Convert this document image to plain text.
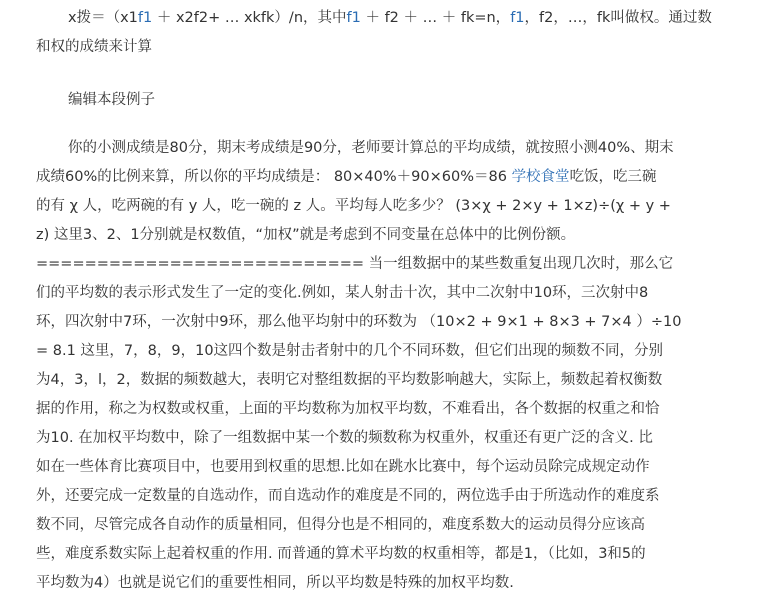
x拨＝（x1f1 ＋ x2f2+ … xkfk）/n，其中f1 ＋ f2 ＋ … ＋ fk=n，f1，f2，…，fk叫做权。通过数
和权的成绩来计算
编辑本段例子
你的小测成绩是80分，期末考成绩是90分，老师要计算总的平均成绩，就按照小测40%、期末
成绩60%的比例来算，所以你的平均成绩是： 80×40%＋90×60%＝86 学校食堂吃饭，吃三碗
的有 χ 人，吃两碗的有 y 人，吃一碗的 z 人。平均每人吃多少？ (3×χ + 2×y + 1×z)÷(χ + y +
z) 这里3、2、1分别就是权数值，“加权”就是考虑到不同变量在总体中的比例份额。
=========================== 当一组数据中的某些数重复出现几次时，那么它
们的平均数的表示形式发生了一定的变化.例如，某人射击十次，其中二次射中10环，三次射中8
环，四次射中7环，一次射中9环，那么他平均射中的环数为 （10×2 + 9×1 + 8×3 + 7×4 ）÷10
= 8.1 这里，7，8，9，10这四个数是射击者射中的几个不同环数，但它们出现的频数不同，分别
为4，3，l，2，数据的频数越大，表明它对整组数据的平均数影响越大，实际上，频数起着权衡数
据的作用，称之为权数或权重，上面的平均数称为加权平均数，不难看出，各个数据的权重之和恰
为10. 在加权平均数中，除了一组数据中某一个数的频数称为权重外，权重还有更广泛的含义. 比
如在一些体育比赛项目中，也要用到权重的思想.比如在跳水比赛中，每个运动员除完成规定动作
外，还要完成一定数量的自选动作，而自选动作的难度是不同的，两位选手由于所选动作的难度系
数不同，尽管完成各自动作的质量相同，但得分也是不相同的，难度系数大的运动员得分应该高
些，难度系数实际上起着权重的作用. 而普通的算术平均数的权重相等，都是1，（比如，3和5的
平均数为4）也就是说它们的重要性相同，所以平均数是特殊的加权平均数.
